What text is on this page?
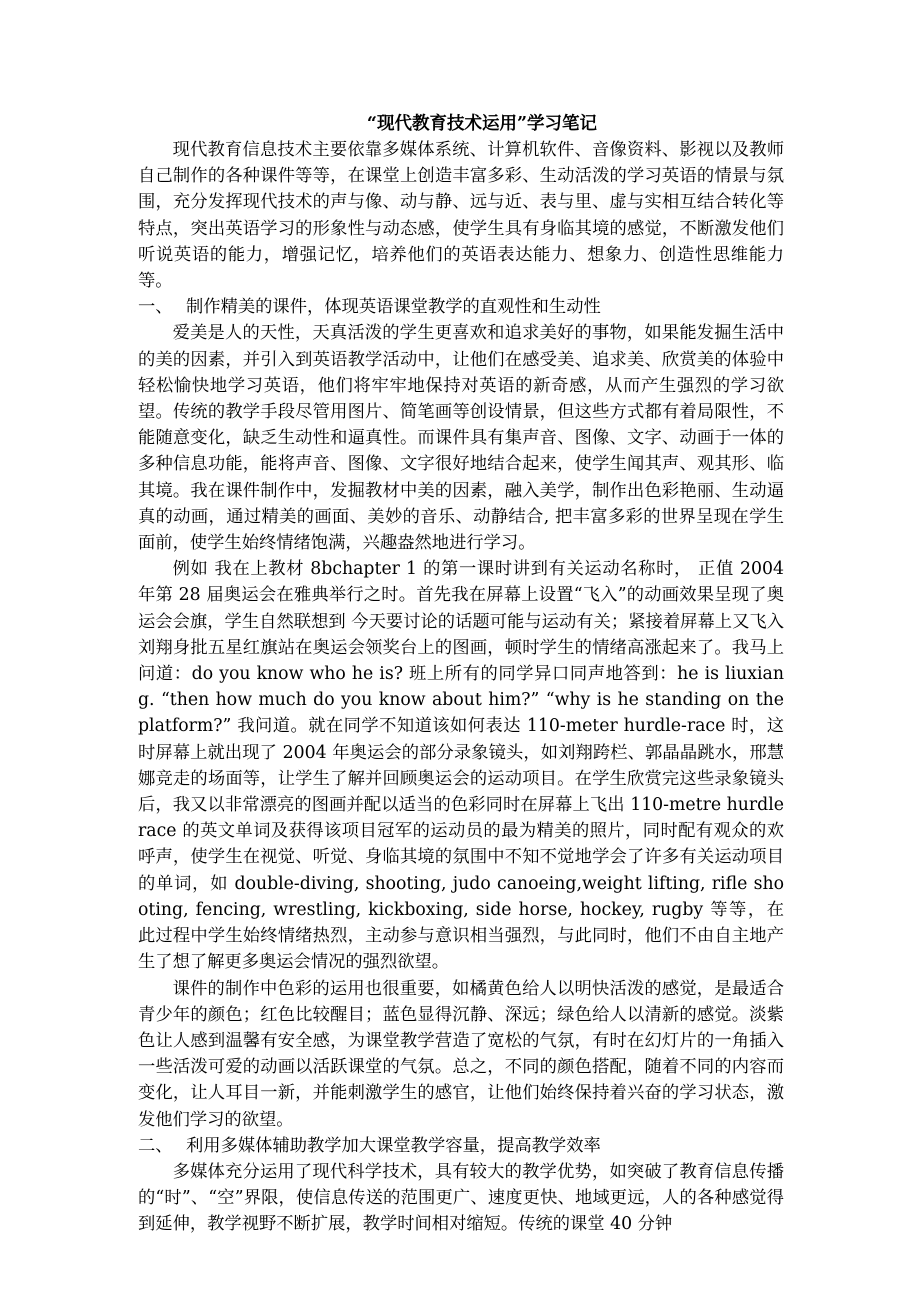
“现代教育技术运用”学习笔记

现代教育信息技术主要依靠多媒体系统、计算机软件、音像资料、影视以及教师自己制作的各种课件等等，在课堂上创造丰富多彩、生动活泼的学习英语的情景与氛围，充分发挥现代技术的声与像、动与静、远与近、表与里、虚与实相互结合转化等特点，突出英语学习的形象性与动态感，使学生具有身临其境的感觉，不断激发他们听说英语的能力，增强记忆，培养他们的英语表达能力、想象力、创造性思维能力等。

一、 制作精美的课件，体现英语课堂教学的直观性和生动性

爱美是人的天性，天真活泼的学生更喜欢和追求美好的事物，如果能发掘生活中的美的因素，并引入到英语教学活动中，让他们在感受美、追求美、欣赏美的体验中轻松愉快地学习英语，他们将牢牢地保持对英语的新奇感，从而产生强烈的学习欲望。传统的教学手段尽管用图片、简笔画等创设情景，但这些方式都有着局限性，不能随意变化，缺乏生动性和逼真性。而课件具有集声音、图像、文字、动画于一体的多种信息功能，能将声音、图像、文字很好地结合起来，使学生闻其声、观其形、临其境。我在课件制作中，发掘教材中美的因素，融入美学，制作出色彩艳丽、生动逼真的动画，通过精美的画面、美妙的音乐、动静结合, 把丰富多彩的世界呈现在学生面前，使学生始终情绪饱满，兴趣盎然地进行学习。

例如 我在上教材 8bchapter 1 的第一课时讲到有关运动名称时， 正值 2004 年第 28 届奥运会在雅典举行之时。首先我在屏幕上设置“飞入”的动画效果呈现了奥运会会旗，学生自然联想到 今天要讨论的话题可能与运动有关；紧接着屏幕上又飞入刘翔身批五星红旗站在奥运会领奖台上的图画，顿时学生的情绪高涨起来了。我马上问道：do you know who he is? 班上所有的同学异口同声地答到：he is liuxiang. “then how much do you know about him?” “why is he standing on the platform?” 我问道。就在同学不知道该如何表达 110-meter hurdle-race 时，这时屏幕上就出现了 2004 年奥运会的部分录象镜头，如刘翔跨栏、郭晶晶跳水，邢慧娜竞走的场面等，让学生了解并回顾奥运会的运动项目。在学生欣赏完这些录象镜头后，我又以非常漂亮的图画并配以适当的色彩同时在屏幕上飞出 110-metre hurdle race 的英文单词及获得该项目冠军的运动员的最为精美的照片，同时配有观众的欢呼声，使学生在视觉、听觉、身临其境的氛围中不知不觉地学会了许多有关运动项目的单词，如 double-diving, shooting, judo canoeing,weight lifting, rifle shooting, fencing, wrestling, kickboxing, side horse, hockey, rugby 等等，在此过程中学生始终情绪热烈，主动参与意识相当强烈，与此同时，他们不由自主地产生了想了解更多奥运会情况的强烈欲望。

课件的制作中色彩的运用也很重要，如橘黄色给人以明快活泼的感觉，是最适合青少年的颜色；红色比较醒目；蓝色显得沉静、深远；绿色给人以清新的感觉。淡紫色让人感到温馨有安全感，为课堂教学营造了宽松的气氛，有时在幻灯片的一角插入一些活泼可爱的动画以活跃课堂的气氛。总之，不同的颜色搭配，随着不同的内容而变化，让人耳目一新，并能刺激学生的感官，让他们始终保持着兴奋的学习状态，激发他们学习的欲望。

二、 利用多媒体辅助教学加大课堂教学容量，提高教学效率

多媒体充分运用了现代科学技术，具有较大的教学优势，如突破了教育信息传播的“时”、“空”界限，使信息传送的范围更广、速度更快、地域更远，人的各种感觉得到延伸，教学视野不断扩展，教学时间相对缩短。传统的课堂 40 分钟
